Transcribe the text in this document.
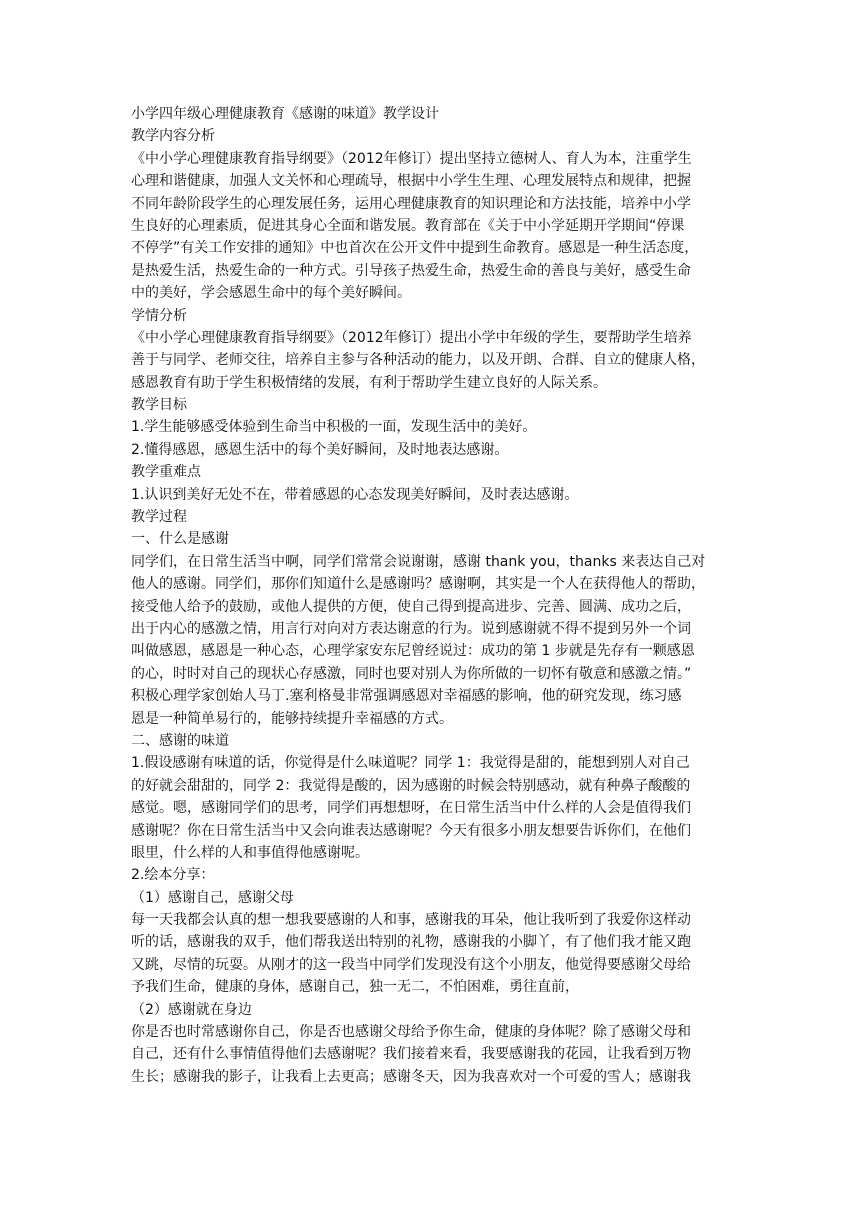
小学四年级心理健康教育《感谢的味道》教学设计
教学内容分析
《中小学心理健康教育指导纲要》（2012年修订）提出坚持立德树人、育人为本，注重学生
心理和谐健康，加强人文关怀和心理疏导，根据中小学生生理、心理发展特点和规律，把握
不同年龄阶段学生的心理发展任务，运用心理健康教育的知识理论和方法技能，培养中小学
生良好的心理素质，促进其身心全面和谐发展。教育部在《关于中小学延期开学期间“停课
不停学”有关工作安排的通知》中也首次在公开文件中提到生命教育。感恩是一种生活态度，
是热爱生活，热爱生命的一种方式。引导孩子热爱生命，热爱生命的善良与美好，感受生命
中的美好，学会感恩生命中的每个美好瞬间。
学情分析
《中小学心理健康教育指导纲要》（2012年修订）提出小学中年级的学生，要帮助学生培养
善于与同学、老师交往，培养自主参与各种活动的能力，以及开朗、合群、自立的健康人格，
感恩教育有助于学生积极情绪的发展，有利于帮助学生建立良好的人际关系。
教学目标
1.学生能够感受体验到生命当中积极的一面，发现生活中的美好。
2.懂得感恩，感恩生活中的每个美好瞬间，及时地表达感谢。
教学重难点
1.认识到美好无处不在，带着感恩的心态发现美好瞬间，及时表达感谢。
教学过程
一、什么是感谢
同学们，在日常生活当中啊，同学们常常会说谢谢，感谢 thank you，thanks 来表达自己对
他人的感谢。同学们，那你们知道什么是感谢吗？感谢啊，其实是一个人在获得他人的帮助，
接受他人给予的鼓励，或他人提供的方便，使自己得到提高进步、完善、圆满、成功之后，
出于内心的感激之情，用言行对向对方表达谢意的行为。说到感谢就不得不提到另外一个词
叫做感恩，感恩是一种心态，心理学家安东尼曾经说过：成功的第 1 步就是先存有一颗感恩
的心，时时对自己的现状心存感激，同时也要对别人为你所做的一切怀有敬意和感激之情。”
积极心理学家创始人马丁.塞利格曼非常强调感恩对幸福感的影响，他的研究发现，练习感
恩是一种简单易行的，能够持续提升幸福感的方式。
二、感谢的味道
1.假设感谢有味道的话，你觉得是什么味道呢？同学 1：我觉得是甜的，能想到别人对自己
的好就会甜甜的，同学 2：我觉得是酸的，因为感谢的时候会特别感动，就有种鼻子酸酸的
感觉。嗯，感谢同学们的思考，同学们再想想呀，在日常生活当中什么样的人会是值得我们
感谢呢？你在日常生活当中又会向谁表达感谢呢？今天有很多小朋友想要告诉你们，在他们
眼里，什么样的人和事值得他感谢呢。
2.绘本分享：
（1）感谢自己，感谢父母
每一天我都会认真的想一想我要感谢的人和事，感谢我的耳朵，他让我听到了我爱你这样动
听的话，感谢我的双手，他们帮我送出特别的礼物，感谢我的小脚丫，有了他们我才能又跑
又跳，尽情的玩耍。从刚才的这一段当中同学们发现没有这个小朋友，他觉得要感谢父母给
予我们生命，健康的身体，感谢自己，独一无二，不怕困难，勇往直前，
（2）感谢就在身边
你是否也时常感谢你自己，你是否也感谢父母给予你生命，健康的身体呢？除了感谢父母和
自己，还有什么事情值得他们去感谢呢？我们接着来看，我要感谢我的花园，让我看到万物
生长；感谢我的影子，让我看上去更高；感谢冬天，因为我喜欢对一个可爱的雪人；感谢我
